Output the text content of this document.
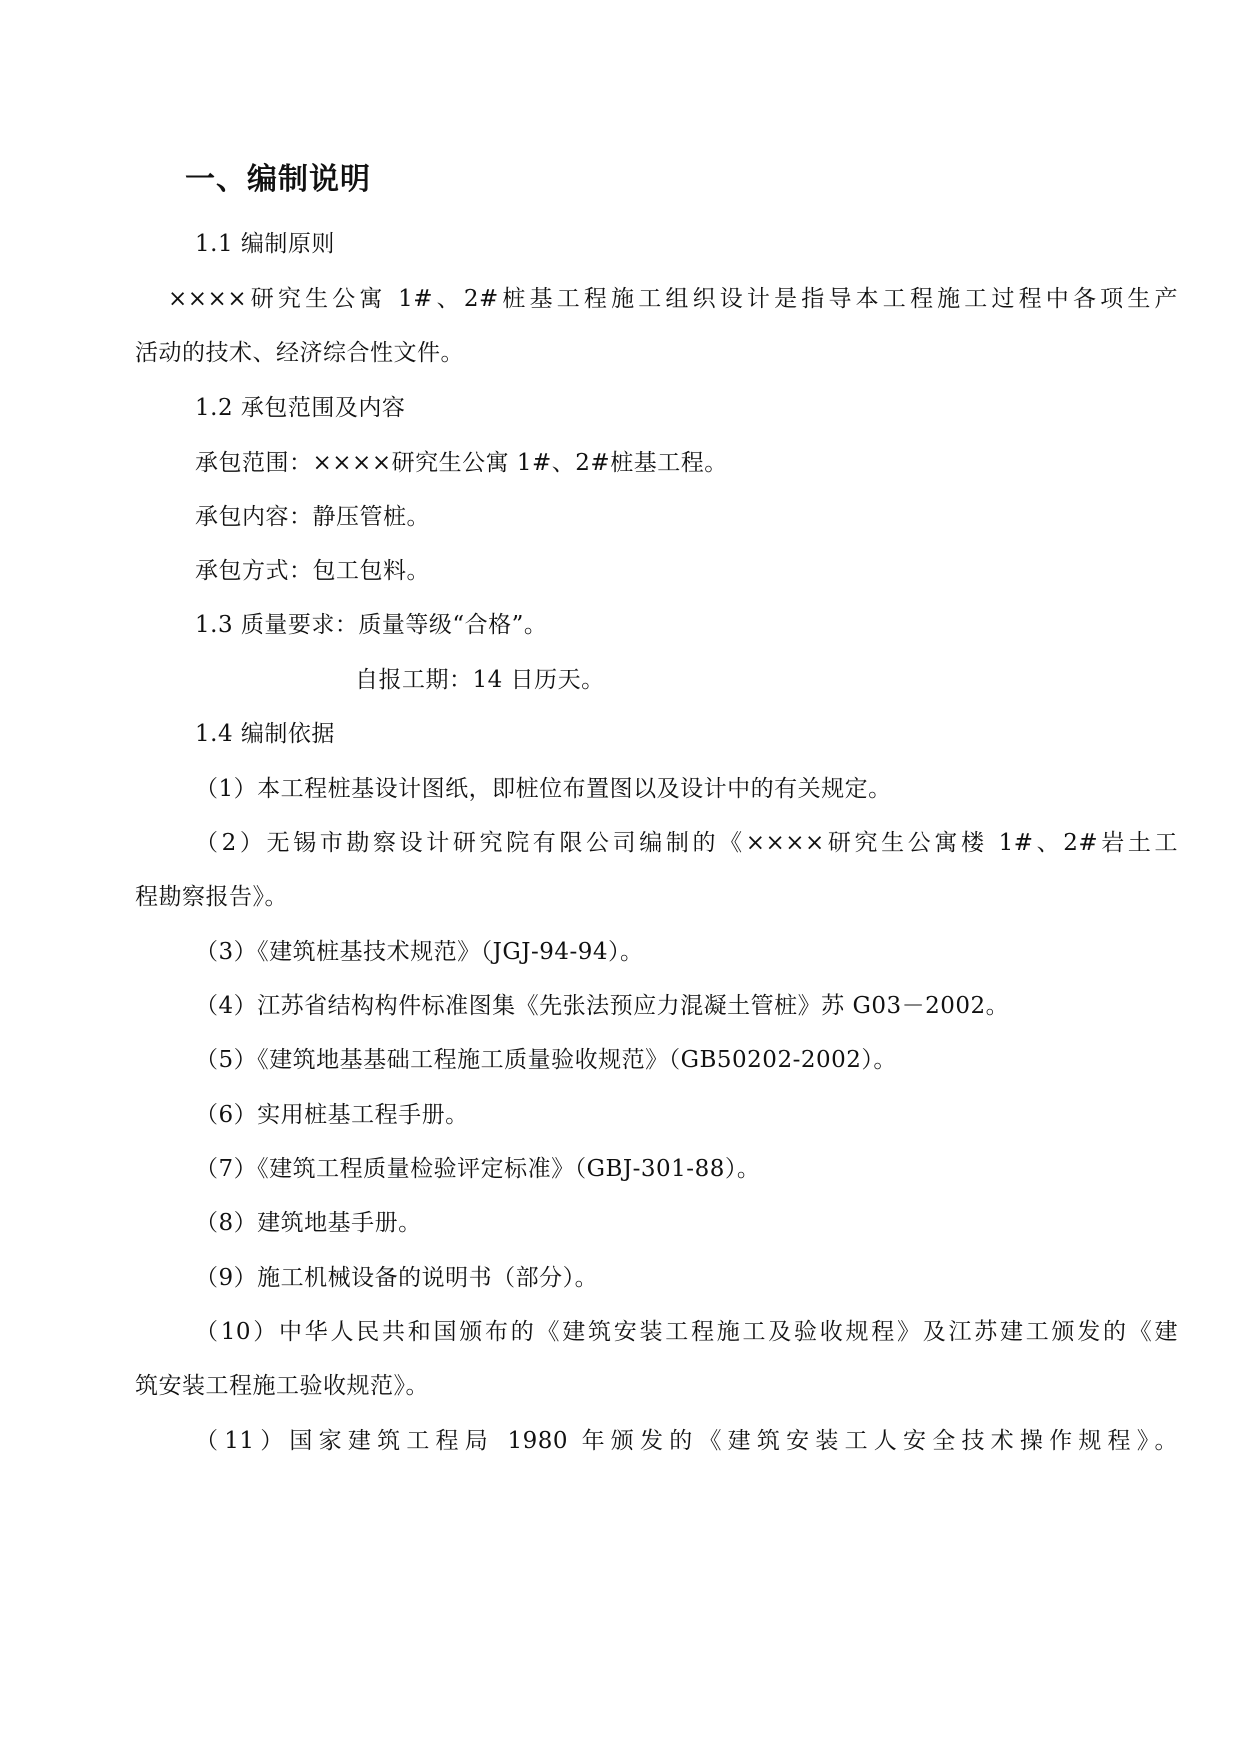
一、编制说明
1.1 编制原则
××××研究生公寓 1#、2#桩基工程施工组织设计是指导本工程施工过程中各项生产
活动的技术、经济综合性文件。
1.2 承包范围及内容
承包范围：××××研究生公寓 1#、2#桩基工程。
承包内容：静压管桩。
承包方式：包工包料。
1.3 质量要求：质量等级“合格”。
自报工期：14 日历天。
1.4 编制依据
（1）本工程桩基设计图纸，即桩位布置图以及设计中的有关规定。
（2）无锡市勘察设计研究院有限公司编制的《××××研究生公寓楼 1#、2#岩土工
程勘察报告》。
（3）《建筑桩基技术规范》（JGJ-94-94）。
（4）江苏省结构构件标准图集《先张法预应力混凝土管桩》苏 G03－2002。
（5）《建筑地基基础工程施工质量验收规范》（GB50202-2002）。
（6）实用桩基工程手册。
（7）《建筑工程质量检验评定标准》（GBJ-301-88）。
（8）建筑地基手册。
（9）施工机械设备的说明书（部分）。
（10）中华人民共和国颁布的《建筑安装工程施工及验收规程》及江苏建工颁发的《建
筑安装工程施工验收规范》。
（11）国家建筑工程局 1980 年颁发的《建筑安装工人安全技术操作规程》。
